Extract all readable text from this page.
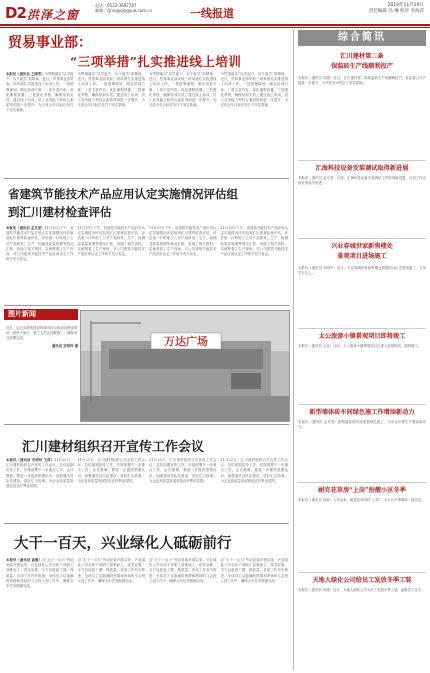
D2 洪泽之窗
电话：0533-3697787
邮箱：cjrss@qingyue.com.cn	一线报道
2019年11月29日
责任编辑 冯 琳 校对 李海萍
贸易事业部：
“三项举措”扎实推进线上培训
本报讯（通讯员 王晓雪）为贯彻落实“以学促干，以干促学”的精神，近日，贸易事业部采取三项举措扎实推进线上培训工作。一是统筹谋划，制定培训方案；二是丰富内容，优化课程设置；三是强化考核，确保培训实效。通过线上培训，员工业务能力和综合素质得到进一步提升，为完成全年目标任务打下坚实基础。
为贯彻落实“以学促干，以干促学”的精神，近日，贸易事业部采取三项举措扎实推进线上培训工作。一是统筹谋划，制定培训方案；二是丰富内容，优化课程设置；三是强化考核，确保培训实效。通过线上培训，员工业务能力和综合素质得到进一步提升，为完成全年目标任务打下坚实基础。
为贯彻落实“以学促干，以干促学”的精神，近日，贸易事业部采取三项举措扎实推进线上培训工作。一是统筹谋划，制定培训方案；二是丰富内容，优化课程设置；三是强化考核，确保培训实效。通过线上培训，员工业务能力和综合素质得到进一步提升，为完成全年目标任务打下坚实基础。
为贯彻落实“以学促干，以干促学”的精神，近日，贸易事业部采取三项举措扎实推进线上培训工作。一是统筹谋划，制定培训方案；二是丰富内容，优化课程设置；三是强化考核，确保培训实效。通过线上培训，员工业务能力和综合素质得到进一步提升，为完成全年目标任务打下坚实基础。
省建筑节能技术产品应用认定实施情况评估组
到汇川建材检查评估
本报讯（通讯员 孟凡堂）11月19日下午，省建筑节能技术产品应用认定实施情况评估组到汇川建材检查评估。评估组一行听取了公司产品研发、生产、检测及质量管理等情况汇报，查阅了相关资料，实地察看了生产现场，对公司建筑节能技术产品应用认定工作给予充分肯定。
11月19日下午，省建筑节能技术产品应用认定实施情况评估组到汇川建材检查评估。评估组一行听取了公司产品研发、生产、检测及质量管理等情况汇报，查阅了相关资料，实地察看了生产现场，对公司建筑节能技术产品应用认定工作给予充分肯定。
11月19日下午，省建筑节能技术产品应用认定实施情况评估组到汇川建材检查评估。评估组一行听取了公司产品研发、生产、检测及质量管理等情况汇报，查阅了相关资料，实地察看了生产现场，对公司建筑节能技术产品应用认定工作给予充分肯定。
11月19日下午，省建筑节能技术产品应用认定实施情况评估组到汇川建材检查评估。评估组一行听取了公司产品研发、生产、检测及质量管理等情况汇报，查阅了相关资料，实地察看了生产现场，对公司建筑节能技术产品应用认定工作给予充分肯定。
图片新闻
近日，由总部投资建设的城市综合体项目建设现场一派热火朝天，施工人员正加紧施工，确保项目如期完成。
通讯员 安明玲 摄	万达广场
汇川建材组织召开宣传工作会议
本报讯（通讯员 安明玲 王萍）11月22日，汇川建材组织召开宣传工作会议，总结前期宣传工作，安排部署下一步重点工作。会议强调，要进一步提高思想认识，加强通讯员队伍建设，讲好汇川故事，为企业高质量发展营造良好舆论氛围。
11月22日，汇川建材组织召开宣传工作会议，总结前期宣传工作，安排部署下一步重点工作。会议强调，要进一步提高思想认识，加强通讯员队伍建设，讲好汇川故事，为企业高质量发展营造良好舆论氛围。
11月22日，汇川建材组织召开宣传工作会议，总结前期宣传工作，安排部署下一步重点工作。会议强调，要进一步提高思想认识，加强通讯员队伍建设，讲好汇川故事，为企业高质量发展营造良好舆论氛围。
11月22日，汇川建材组织召开宣传工作会议，总结前期宣传工作，安排部署下一步重点工作。会议强调，要进一步提高思想认识，加强通讯员队伍建设，讲好汇川故事，为企业高质量发展营造良好舆论氛围。
大干一百天，兴业绿化人砥砺前行
本报讯（通讯员 高敏）自“大干一百天”劳动竞赛开展以来，兴业绿化公司全体干部职工迎难而上、攻坚克难，全力以赴抢工期、保质量，各项工作有序推进，全体员工以饱满的热情和昂扬的斗志投入到工作中，确保全年任务圆满完成。
自“大干一百天”劳动竞赛开展以来，兴业绿化公司全体干部职工迎难而上、攻坚克难，全力以赴抢工期、保质量，各项工作有序推进，全体员工以饱满的热情和昂扬的斗志投入到工作中，确保全年任务圆满完成。
自“大干一百天”劳动竞赛开展以来，兴业绿化公司全体干部职工迎难而上、攻坚克难，全力以赴抢工期、保质量，各项工作有序推进，全体员工以饱满的热情和昂扬的斗志投入到工作中，确保全年任务圆满完成。
自“大干一百天”劳动竞赛开展以来，兴业绿化公司全体干部职工迎难而上、攻坚克难，全力以赴抢工期、保质量，各项工作有序推进，全体员工以饱满的热情和昂扬的斗志投入到工作中，确保全年任务圆满完成。
综合简讯
汇川建材第二条
保温砖生产线顺利投产
本报讯（通讯员 刘建）近日，汇川建材第二条保温砖生产线顺利投产，标志着公司产能进一步提升，为开拓市场奠定了坚实基础。
汇海科技设备安装调试取得新进展
本报讯（通讯员 孟凡堂）日前，汇海科技设备安装调试工作取得新进展，各项工作正按计划有序推进。
兴业春城世家新售楼处
景观项目进场施工
本报讯（通讯员 安明玲）近日，兴业春城世家新售楼处景观项目正式进场施工，力争早日完工。
太公旅游小镇景观项目即将竣工
本报讯（通讯员 王萍）目前，太公旅游小镇景观项目已进入收尾阶段，即将竣工。
新型墙体砖车间绿色施工作增添新动力
本报讯（通讯员 孟凡堂）新型墙体砖车间加强绿色施工，为安全环保生产增添新动力。
耐克花草房“上岗”扮靓小区冬季
本报讯（通讯员 高敏）入冬以来，耐寒花草纷纷“上岗”，为小区冬季增添一抹亮色。
天地人绿化公司给员工发放冬季工装
本报讯（通讯员 刘建）近日，天地人绿化公司为员工发放冬季工装，温暖员工过冬。
